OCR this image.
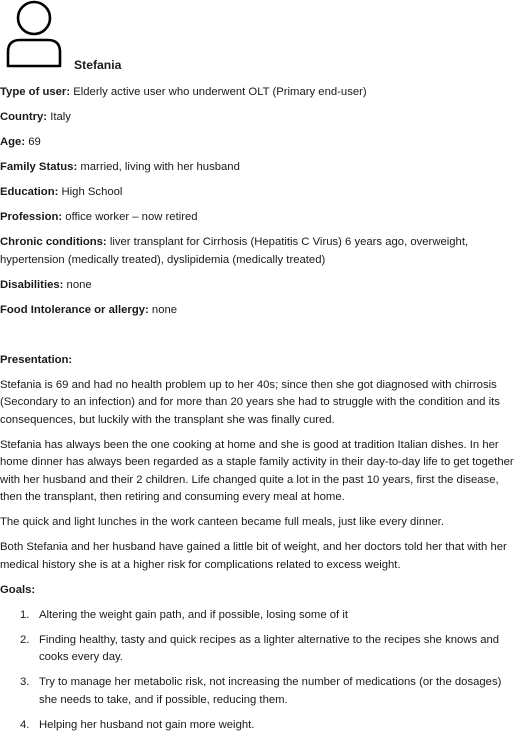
Stefania

Type of user: Elderly active user who underwent OLT (Primary end-user)

Country: Italy

Age: 69

Family Status: married, living with her husband

Education: High School

Profession: office worker – now retired

Chronic conditions: liver transplant for Cirrhosis (Hepatitis C Virus) 6 years ago, overweight, hypertension (medically treated), dyslipidemia (medically treated)

Disabilities: none

Food Intolerance or allergy: none

Presentation:

Stefania is 69 and had no health problem up to her 40s; since then she got diagnosed with chirrosis (Secondary to an infection) and for more than 20 years she had to struggle with the condition and its consequences, but luckily with the transplant she was finally cured.

Stefania has always been the one cooking at home and she is good at tradition Italian dishes. In her home dinner has always been regarded as a staple family activity in their day-to-day life to get together with her husband and their 2 children. Life changed quite a lot in the past 10 years, first the disease, then the transplant, then retiring and consuming every meal at home.

The quick and light lunches in the work canteen became full meals, just like every dinner.

Both Stefania and her husband have gained a little bit of weight, and her doctors told her that with her medical history she is at a higher risk for complications related to excess weight.

Goals:

1. Altering the weight gain path, and if possible, losing some of it
2. Finding healthy, tasty and quick recipes as a lighter alternative to the recipes she knows and cooks every day.
3. Try to manage her metabolic risk, not increasing the number of medications (or the dosages) she needs to take, and if possible, reducing them.
4. Helping her husband not gain more weight.
